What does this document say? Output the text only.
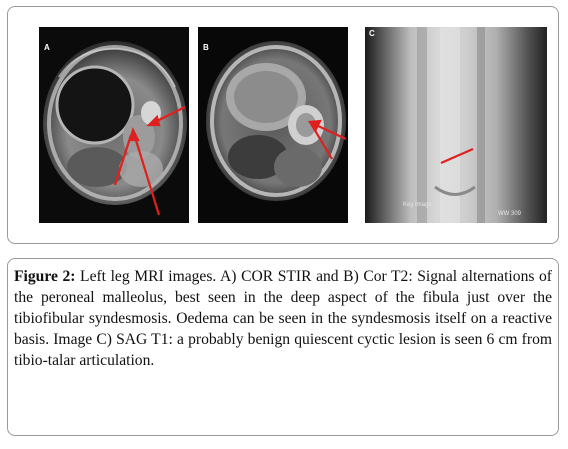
A	B
C
Key Image
WW 309

Figure 2: Left leg MRI images. A) COR STIR and B) Cor T2: Signal alternations of the peroneal malleolus, best seen in the deep aspect of the fibula just over the tibiofibular syndesmosis. Oedema can be seen in the syndesmosis itself on a reactive basis. Image C) SAG T1: a probably benign quiescent cyctic lesion is seen 6 cm from tibio-talar articulation.
